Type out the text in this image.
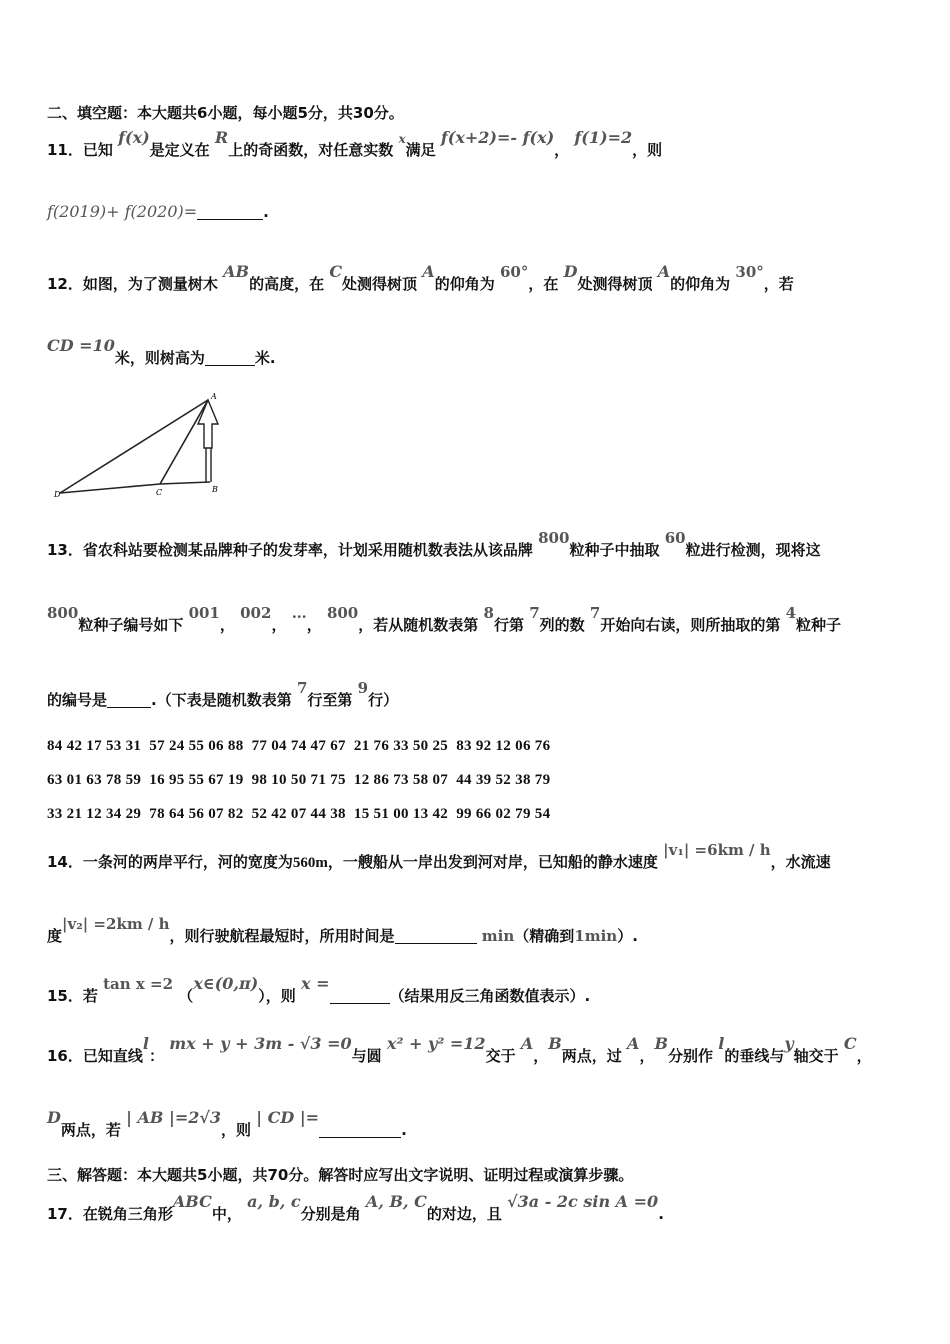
二、填空题：本大题共6小题，每小题5分，共30分。
11．已知 f(x)是定义在 R上的奇函数，对任意实数 $^x$满足 f(x+2)=- f(x)， f(1)=2，则
f(2019)+ f(2020)=	.
12．如图，为了测量树木 AB的高度，在 C处测得树顶 A的仰角为 60°，在 D处测得树顶 A的仰角为 30°，若
CD =10米，则树高为	米.
A
B
C
D
13．省农科站要检测某品牌种子的发芽率，计划采用随机数表法从该品牌 800粒种子中抽取 60粒进行检测，现将这
800粒种子编号如下 001， 002， …， 800，若从随机数表第 8行第 7列的数 7开始向右读，则所抽取的第 4粒种子
的编号是	.（下表是随机数表第 7行至第 9行）
84 42 17 53 31  57 24 55 06 88  77 04 74 47 67  21 76 33 50 25  83 92 12 06 76
63 01 63 78 59  16 95 55 67 19  98 10 50 71 75  12 86 73 58 07  44 39 52 38 79
33 21 12 34 29  78 64 56 07 82  52 42 07 44 38  15 51 00 13 42  99 66 02 79 54
14．一条河的两岸平行，河的宽度为560m，一艘船从一岸出发到河对岸，已知船的静水速度 |v₁| =6km / h，水流速
度|v₂| =2km / h，则行驶航程最短时，所用时间是	min（精确到1min）.
15．若 tan x =2 （x∈(0,π)），则 x =（结果用反三角函数值表示）.
16．已知直线l： mx + y + 3m - √3 =0与圆 x² + y² =12交于 A，B两点，过 A，B分别作 l的垂线与y轴交于 C，
D两点，若 | AB |=2√3，则 | CD |=.
三、解答题：本大题共5小题，共70分。解答时应写出文字说明、证明过程或演算步骤。
17．在锐角三角形ABC中， a, b, c分别是角 A, B, C的对边，且 √3a - 2c sin A =0.
